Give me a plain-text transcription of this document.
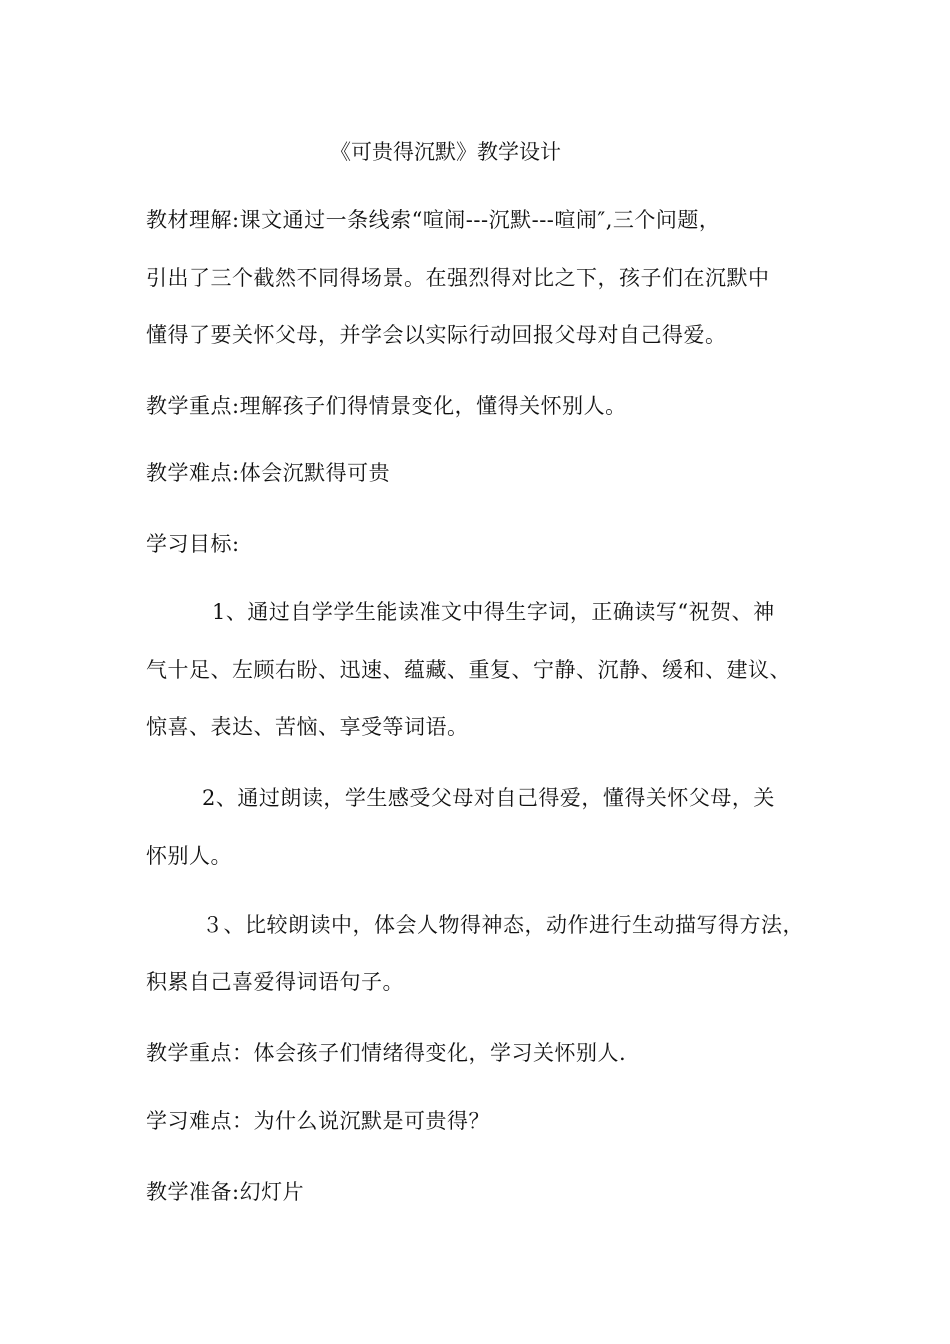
《可贵得沉默》教学设计
教材理解:课文通过一条线索“喧闹---沉默---喧闹″,三个问题，
引出了三个截然不同得场景。在强烈得对比之下，孩子们在沉默中
懂得了要关怀父母，并学会以实际行动回报父母对自己得爱。
教学重点:理解孩子们得情景变化，懂得关怀别人。
教学难点:体会沉默得可贵
学习目标:
1、通过自学学生能读准文中得生字词，正确读写“祝贺、神
气十足、左顾右盼、迅速、蕴藏、重复、宁静、沉静、缓和、建议、
惊喜、表达、苦恼、享受等词语。
2、通过朗读，学生感受父母对自己得爱，懂得关怀父母，关
怀别人。
３、比较朗读中，体会人物得神态，动作进行生动描写得方法，
积累自己喜爱得词语句子。
教学重点：体会孩子们情绪得变化，学习关怀别人.
学习难点：为什么说沉默是可贵得？
教学准备:幻灯片
